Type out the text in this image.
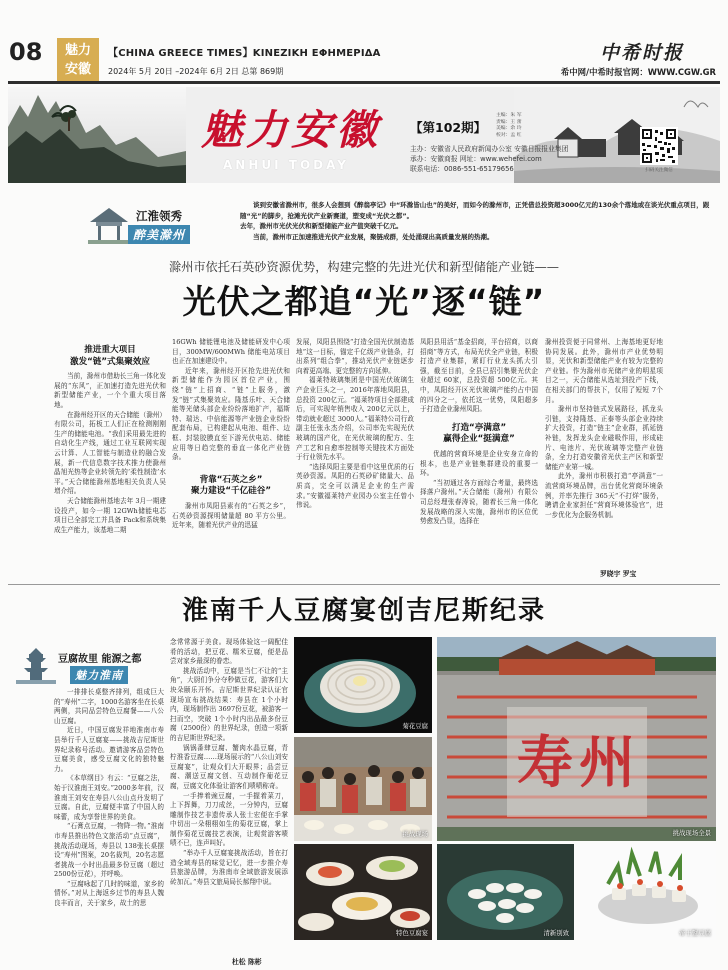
08	魅力
安徽
【CHINA GREECE TIMES】KINEZIKH EΦHMEPIΔA
2024年 5月 20日 –2024年 6月 2日 总第 869期
中希时报
希中网/中希时报官网：WWW.CGW.GR
魅力安徽
ANHUI TODAY
【第102期】
主编：朱 军
责编：王 蕾
美编：余 玲
校对：孟 红
主办：安徽省人民政府新闻办公室 安徽日报报业集团
承办：安徽商报 网址：www.wehefei.com
联系电话：0086-551-65179656	扫码关注微信
江淮领秀
醉美滁州

谈到安徽省滁州市，很多人会想到《醉翁亭记》中“环滁皆山也”的美好，而如今的滁州市，正凭借总投资超3000亿元的130余个落地或在谈光伏重点项目，跟随“光”的脚步，抢滩光伏产业新赛道，塑变成“光伏之都”。

去年，滁州市光伏光伏和新型储能产业产值突破千亿元。

当前，滁州市正加速推进光伏产业发展，聚链成群，处处涌现出高质量发展的热潮。

滁州市依托石英砂资源优势，构建完整的先进光伏和新型储能产业链——
光伏之都追“光”逐“链”
推进重大项目
激发“链”式集聚效应

当前，滁州市借助长三角一体化发展的“东风”，正加速打造先进光伏和新型储能产业，一个个重大项目落地。

在滁州经开区的天合储能（滁州）有限公司，拓板工人们正在检测刚刚生产的储能电池。“我们采用最先进的自动化生产线，通过工业互联网实现云计算、人工智能与制造业的融合发展，新一代信息数字技术推力使滁州晶旭光热等企业转领先的‘柔性制造’水平。”天合储能滁州基地相关负责人吴增介绍。

天合储能滁州基地去年 3月一期建设投产，如今一期 12GWh储能电芯项目已全部完工并具备 Pack和系统集成生产能力，该基地二期

16GWh 储能锂电池及储能研发中心项目，300MW/600MWh 储能电站项目也正在加速建设中。

近年来，滁州经开区抢先进光伏和新型储能作为园区首位产业，围绕“链”上招商、“链”上服务，激发“链”式集聚效应。隆基乐叶、天合储能等光储头部企业纷纷落地扩产，福斯特、瑞达、中倍能源等产业链企业纷纷配套布局，已构建起从电池、组件、边框、封装胶膜直至下游光伏电站、储能应用等日趋完整的垂直一体化产业链条。

背靠“石英之乡”
聚力建设“千亿硅谷”

滁州市凤阳县素有的“石英之乡”，石英砂资源探明储量超 80 平方公里。近年来，随着光伏产业的迅猛

发展，凤阳县围绕“打造全国光伏制造基地”这一目标，锚定千亿级产业链条，打出系列“组合拳”，推动光伏产业链逐步向着更高端、更完整的方向延伸。

福莱特玻璃集团是中国光伏玻璃生产企业巨头之一，2016年落地凤阳县，总投资 200亿元。“福莱特项目全部建成后，可实现年销售收入 200亿元以上，带动就业超过 3000人。”福莱特公司行政副主任张永杰介绍，公司率先实现光伏玻璃的国产化，在光伏玻璃的配方、生产工艺和自愈率控制等关键技术方面处于行业领先水平。

“选择凤阳主要是看中这里优质的石英砂资源。凤阳的石英砂矿储量大、品质高，完全可以满足企业的生产需求。”安徽福莱特产业园办公室主任曾小伟说。

凤阳县用活“基金招商，平台招商，以商招商”等方式，布局光伏全产业链，积极打造产业集群，紧盯行业龙头抓大引强，截至目前，全县已招引集聚光伏企业超过 60家，总投资超 500亿元。其中，凤阳经开区光伏玻璃产能约占中国的四分之一，依托这一优势，凤阳超多于打造企业滁州凤阳。
打造“亭满意”
赢得企业“挺满意”

优越的营商环境是企业安身立命的根本，也是产业链集群建设的重要一环。

“当初通过各方面综合考量，最终选择落户滁州。”天合储能（滁州）有限公司总经理张春涛说，随着长三角一体化发展战略的深入实施，滁州市的区位优势愈发凸显，选择在

滁州投资便于同常州、上海基地更好地协同发展。此外，滁州市产业优势明显，光伏和新型储能产业有较为完整的产业链。作为滁州市光储产业的明星项目之一，天合储能从选址到投产下线，在相关部门的帮扶下，仅用了短短 7个月。

滁州市坚持链式发展路径，抓龙头引链，支持隆基、正泰等头部企业持续扩大投资，打造“链主”企业群，抓延链补链，发挥龙头企业磁吸作用，形成硅片、电池片、光伏玻璃等完整产业链条，全力打造安徽省光伏主产区和新型储能产业第一城。

此外，滁州市积极打造“亭满意”一流营商环境品牌，出台优化营商环境条例，并率先推行 365天“不打烊”服务，聘请企业家担任“营商环境体验官”，进一步优化为企服务机制。

罗晓宇 罗宝
淮南千人豆腐宴创吉尼斯纪录
豆腐故里 能源之都
魅力淮南

一排排长桌整齐排列，组成巨大的“寿州”二字，1000名游客坐在长桌两侧，共同品尝特色豆腐餐——八公山豆腐。

近日，中国豆腐发祥地淮南市寿县举行千人豆腐宴——挑战吉尼斯世界纪录称号活动。邀请游客品尝特色豆腐美食，感受豆腐文化的独特魅力。

《本草纲目》有云：“豆腐之法，始于汉淮南王刘安。”2000多年前，汉淮南王刘安在寿县八公山点丹发明了豆腐。自此，豆腐便丰富了中国人的味蕾，成为享誉世界的美食。

“石膏点豆腐，一物降一物。”淮南市寿县推出特色文旅活动“点豆腐”，挑战活动现场，寿县以 138张长桌摆设“寿州”图案，20名裁判，20名志愿者挑战一小时出品最多份豆腐（超过 2500份豆花），并呼唤。

“豆腐咏起了几时的味道，家乡的情怀。”对从上海返乡过节的寿县人魏良丰而言，关于家乡，故土的思

念常常源于美食。现场体验这一阔配佳肴的活动，把豆花、糯米豆腐，便是品尝对家乡最深的眷恋。

挑战活动中，豆腐是当仁不让的“主角”，大厨们争分夺秒做豆花，游客们大块朵颐乐开怀。吉尼斯世界纪录认证官现场宣布挑战结果：寿县在 1个小时内，现场制作出 3697份豆花，被游客一扫而空，突破 1个小时内出品最多份豆腐（2500份）的世界纪录，创造一项新的吉尼斯世界纪录。

锅锅番肆豆腐、蟹肉水晶豆腐，青柠淮香豆腐……现场展示的“八公山刘安豆腐宴”，让观众们大开眼界；品尝豆腐、潮送豆腐文创、互动制作葡花豆腐，豆腐文化体验让游客们啧啧称奇。

一手捧着豌豆腐，一手握着菜刀，上下挥舞，刀刀成丝，一分钟内，豆腐雕制作技艺非遗传承人张士宏便在手掌中切出一朵栩栩如生的菊花豆腐，掌上制作菊花豆腐技艺表演，让观赏游客啧啧不已，连声叫好。

“举办千人豆腐宴挑战活动，旨在打造全域寿县的味觉记忆，进一步推介寿县旅游品牌，为淮南市全域旅游发展添砖加瓦。”寿县文旅局局长郝翔中说。

杜松 陈彬
菊花豆腐
挑战现场
特色豆腐宴
寿州
挑战现场全景
清新别致	帝王蟹豆腐
